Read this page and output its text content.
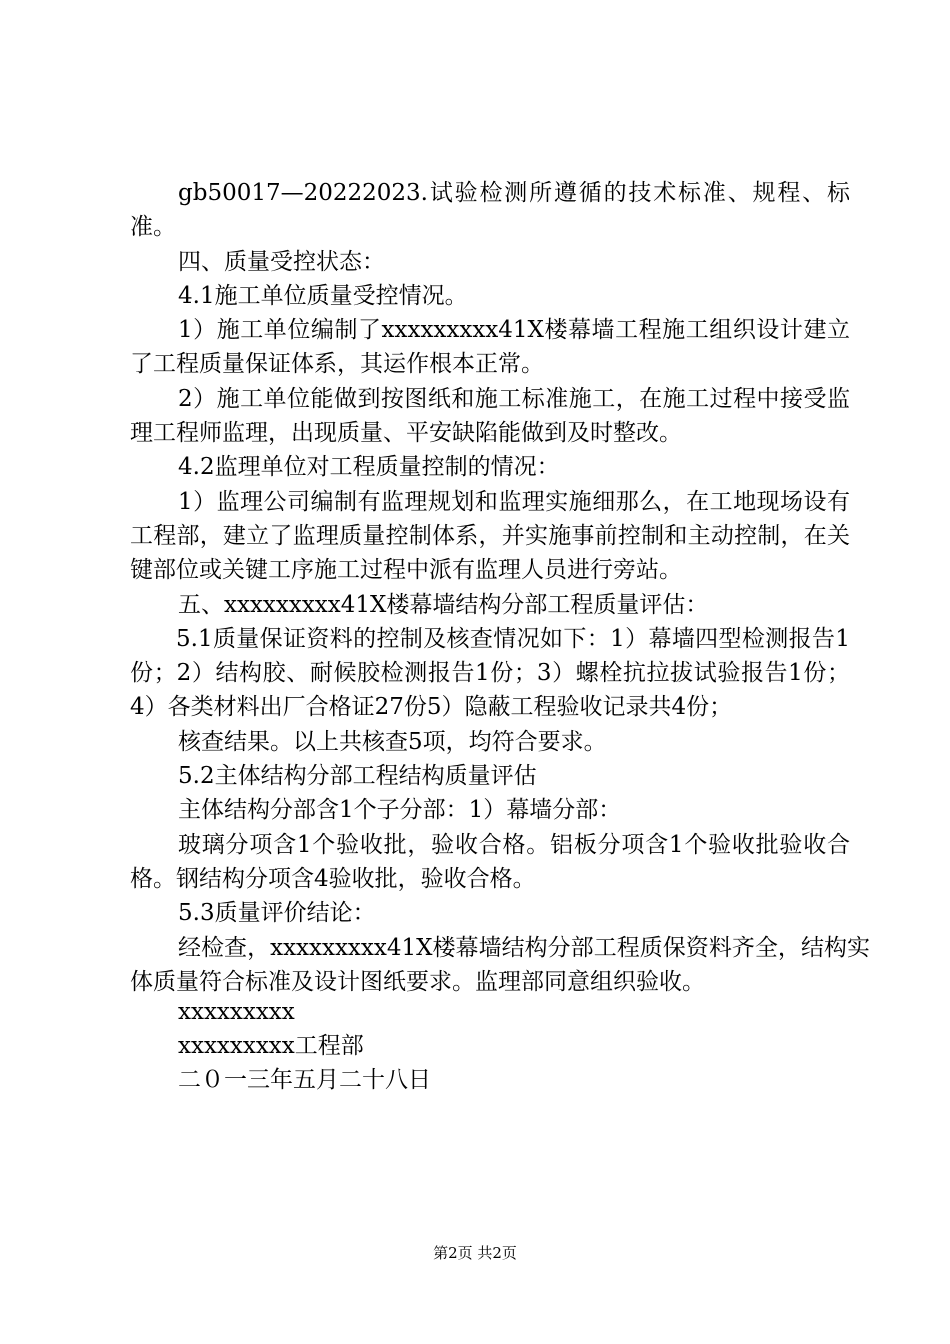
gb50017—20222023.试验检测所遵循的技术标准、规程、标准。

四、质量受控状态：

4.1施工单位质量受控情况。

1）施工单位编制了xxxxxxxxx41X楼幕墙工程施工组织设计建立了工程质量保证体系，其运作根本正常。

2）施工单位能做到按图纸和施工标准施工，在施工过程中接受监理工程师监理，出现质量、平安缺陷能做到及时整改。

4.2监理单位对工程质量控制的情况：

1）监理公司编制有监理规划和监理实施细那么，在工地现场设有工程部，建立了监理质量控制体系，并实施事前控制和主动控制，在关键部位或关键工序施工过程中派有监理人员进行旁站。

五、xxxxxxxxx41X楼幕墙结构分部工程质量评估：

5.1质量保证资料的控制及核查情况如下：1）幕墙四型检测报告1份；2）结构胶、耐候胶检测报告1份；3）螺栓抗拉拔试验报告1份；4）各类材料出厂合格证27份5）隐蔽工程验收记录共4份；

核查结果。以上共核查5项，均符合要求。

5.2主体结构分部工程结构质量评估

主体结构分部含1个子分部：1）幕墙分部：

玻璃分项含1个验收批，验收合格。铝板分项含1个验收批验收合格。钢结构分项含4验收批，验收合格。

5.3质量评价结论：

经检查，xxxxxxxxx41X楼幕墙结构分部工程质保资料齐全，结构实体质量符合标准及设计图纸要求。监理部同意组织验收。

xxxxxxxxx
xxxxxxxxx工程部
二０一三年五月二十八日
第2页 共2页
